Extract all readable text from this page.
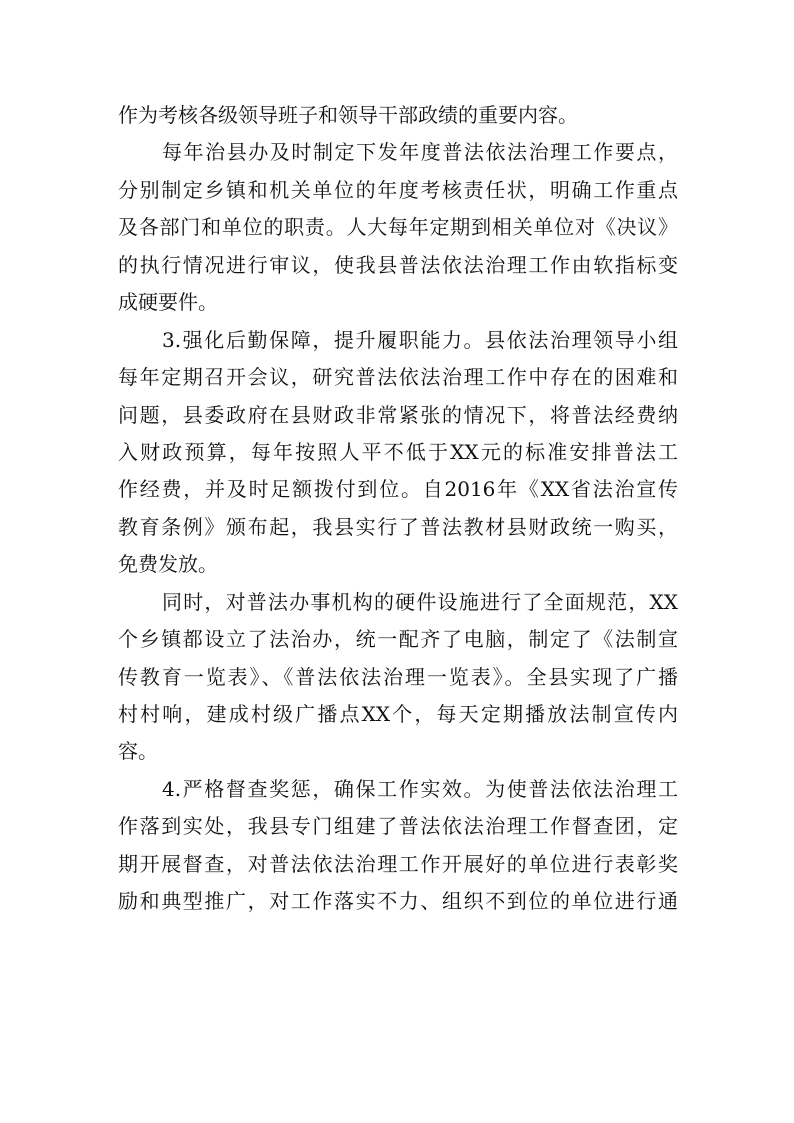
作为考核各级领导班子和领导干部政绩的重要内容。
每年治县办及时制定下发年度普法依法治理工作要点，
分别制定乡镇和机关单位的年度考核责任状，明确工作重点
及各部门和单位的职责。人大每年定期到相关单位对《决议》
的执行情况进行审议，使我县普法依法治理工作由软指标变
成硬要件。
3.强化后勤保障，提升履职能力。县依法治理领导小组
每年定期召开会议，研究普法依法治理工作中存在的困难和
问题，县委政府在县财政非常紧张的情况下，将普法经费纳
入财政预算，每年按照人平不低于XX元的标准安排普法工
作经费，并及时足额拨付到位。自2016年《XX省法治宣传
教育条例》颁布起，我县实行了普法教材县财政统一购买，
免费发放。
同时，对普法办事机构的硬件设施进行了全面规范，XX
个乡镇都设立了法治办，统一配齐了电脑，制定了《法制宣
传教育一览表》、《普法依法治理一览表》。全县实现了广播
村村响，建成村级广播点XX个，每天定期播放法制宣传内
容。
4.严格督查奖惩，确保工作实效。为使普法依法治理工
作落到实处，我县专门组建了普法依法治理工作督查团，定
期开展督查，对普法依法治理工作开展好的单位进行表彰奖
励和典型推广，对工作落实不力、组织不到位的单位进行通
